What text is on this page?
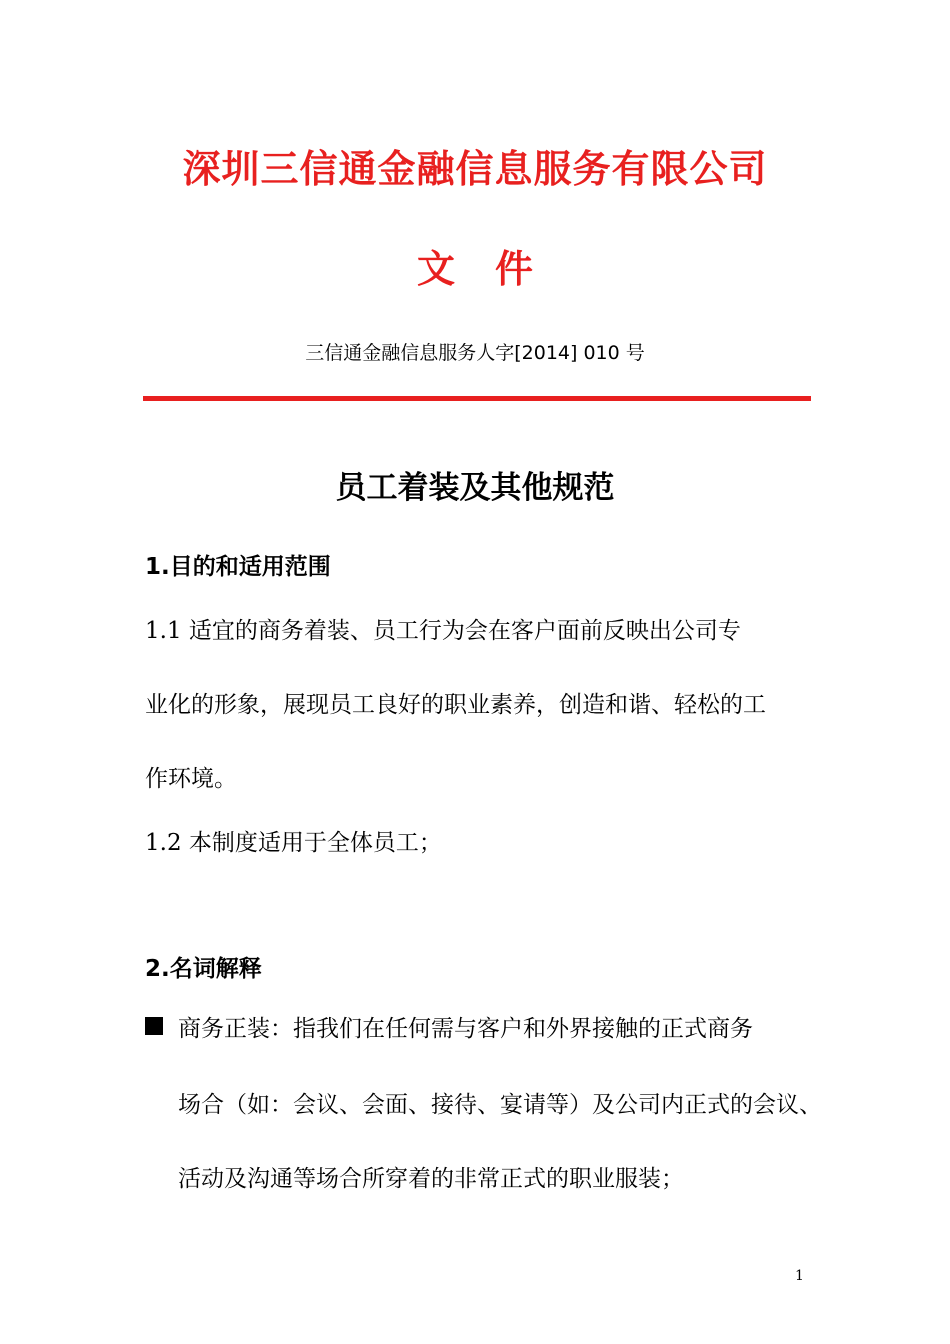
深圳三信通金融信息服务有限公司
文件
三信通金融信息服务人字[2014] 010 号
员工着装及其他规范
1.目的和适用范围
1.1 适宜的商务着装、员工行为会在客户面前反映出公司专
业化的形象，展现员工良好的职业素养，创造和谐、轻松的工
作环境。
1.2 本制度适用于全体员工；
2.名词解释
商务正装：指我们在任何需与客户和外界接触的正式商务
场合（如：会议、会面、接待、宴请等）及公司内正式的会议、
活动及沟通等场合所穿着的非常正式的职业服装；
1
